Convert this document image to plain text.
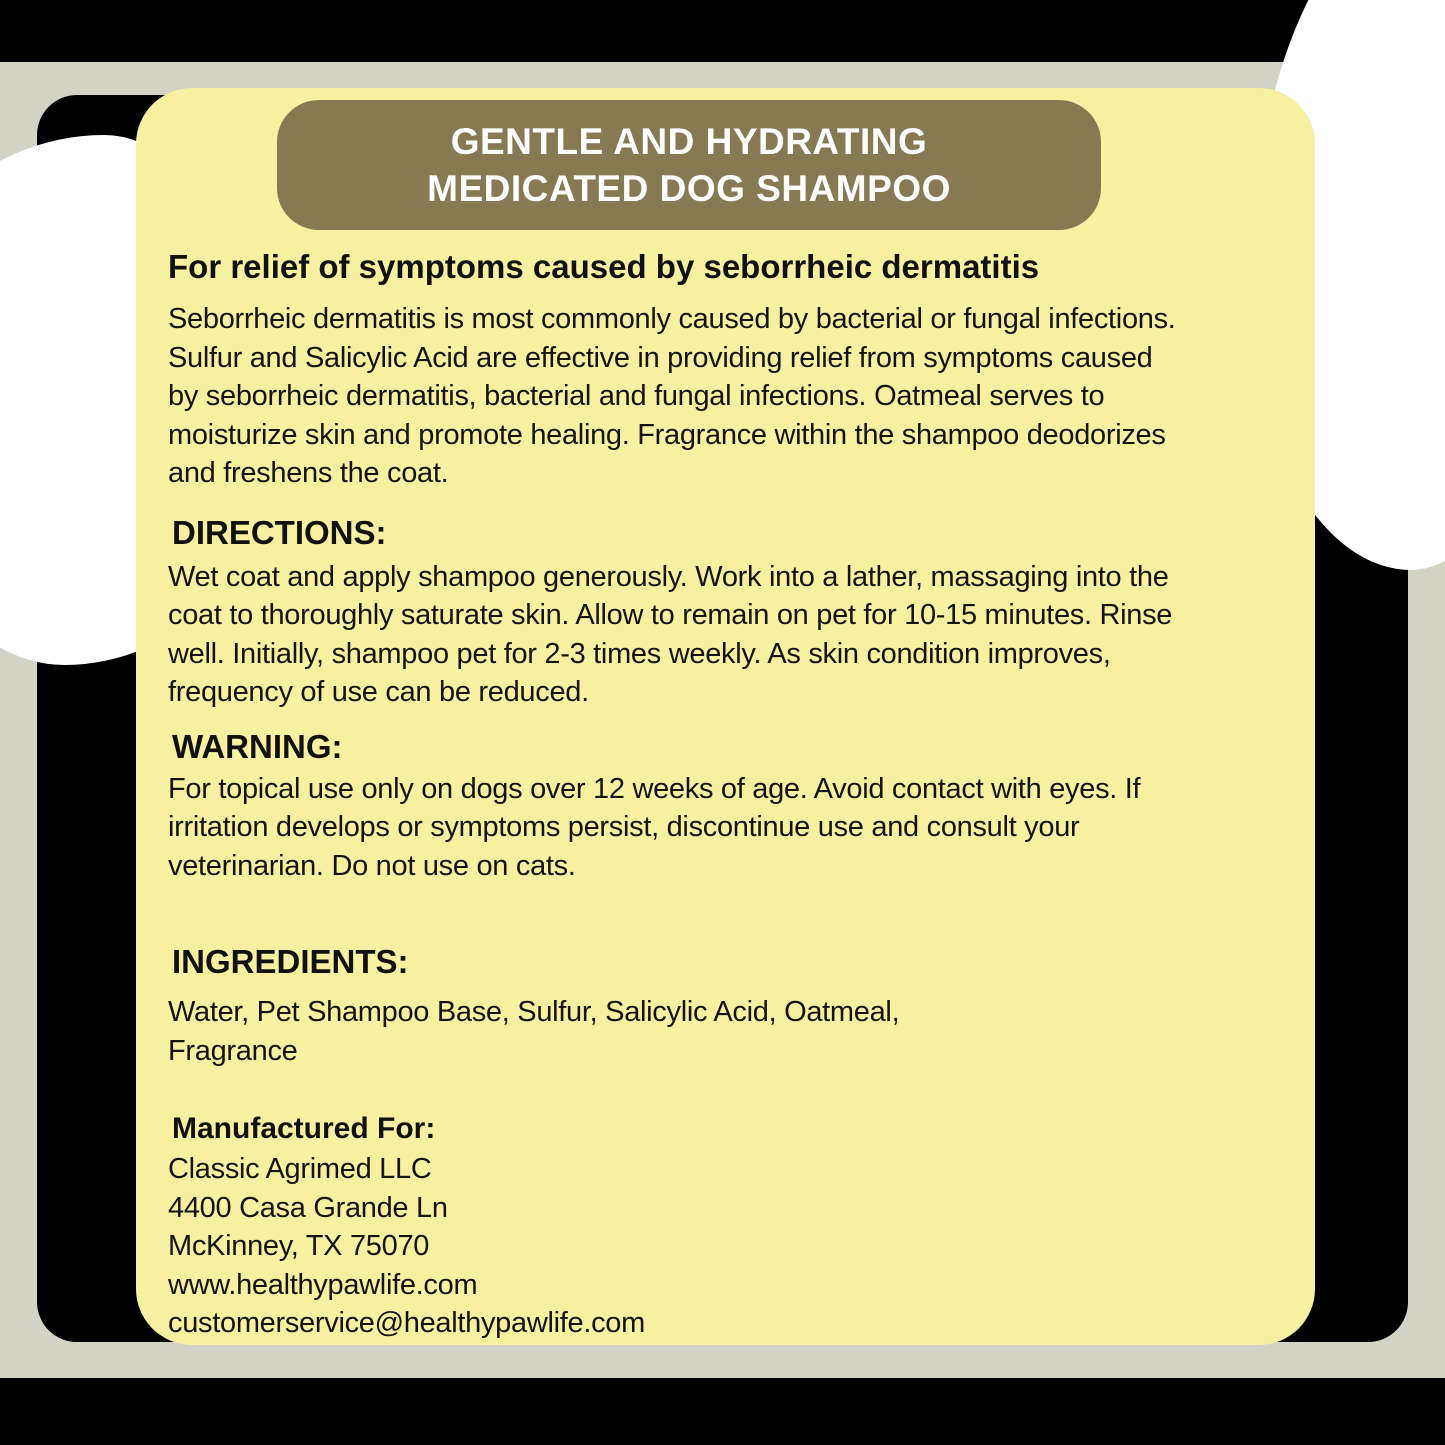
GENTLE AND HYDRATING
MEDICATED DOG SHAMPOO
For relief of symptoms caused by seborrheic dermatitis

Seborrheic dermatitis is most commonly caused by bacterial or fungal infections.
Sulfur and Salicylic Acid are effective in providing relief from symptoms caused
by seborrheic dermatitis, bacterial and fungal infections. Oatmeal serves to
moisturize skin and promote healing. Fragrance within the shampoo deodorizes
and freshens the coat.

DIRECTIONS:

Wet coat and apply shampoo generously. Work into a lather, massaging into the
coat to thoroughly saturate skin. Allow to remain on pet for 10-15 minutes. Rinse
well. Initially, shampoo pet for 2-3 times weekly. As skin condition improves,
frequency of use can be reduced.

WARNING:

For topical use only on dogs over 12 weeks of age. Avoid contact with eyes. If
irritation develops or symptoms persist, discontinue use and consult your
veterinarian. Do not use on cats.

INGREDIENTS:

Water, Pet Shampoo Base, Sulfur, Salicylic Acid, Oatmeal,
Fragrance

Manufactured For:

Classic Agrimed LLC
4400 Casa Grande Ln
McKinney, TX 75070
www.healthypawlife.com
customerservice@healthypawlife.com
